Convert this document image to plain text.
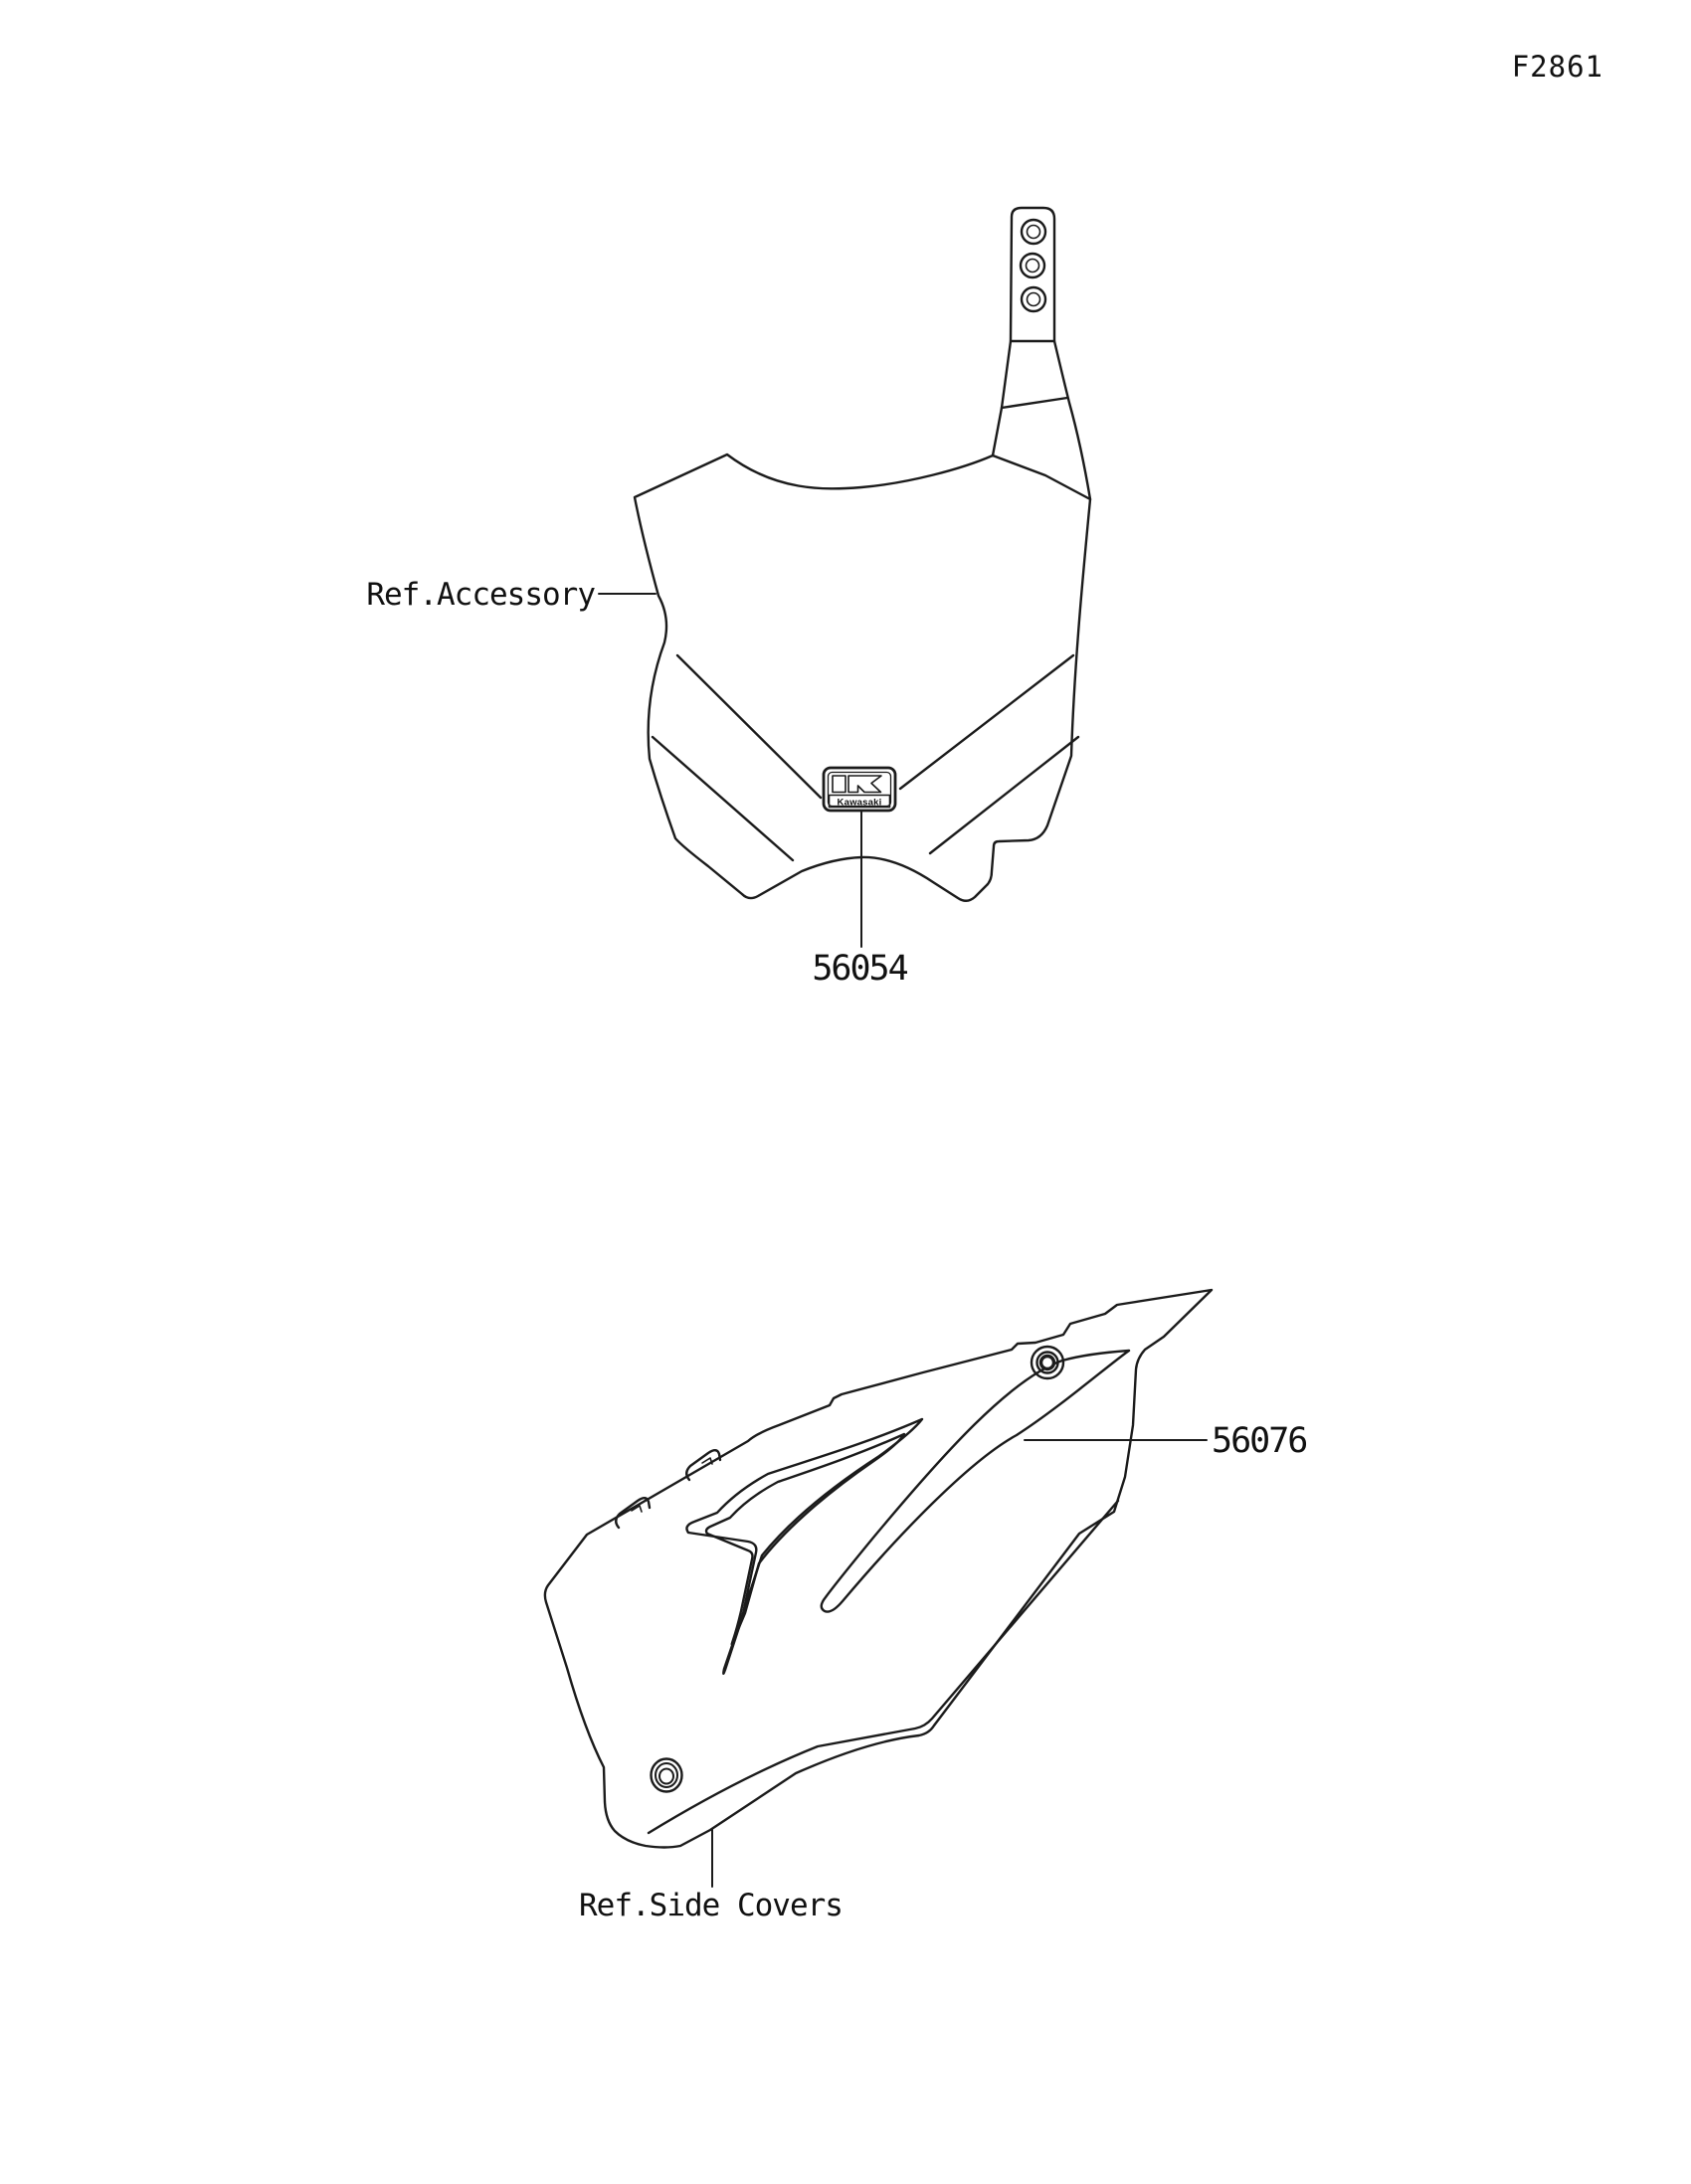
F2861
Kawasaki
Ref.Accessory
56054
56076
Ref.Side Covers
